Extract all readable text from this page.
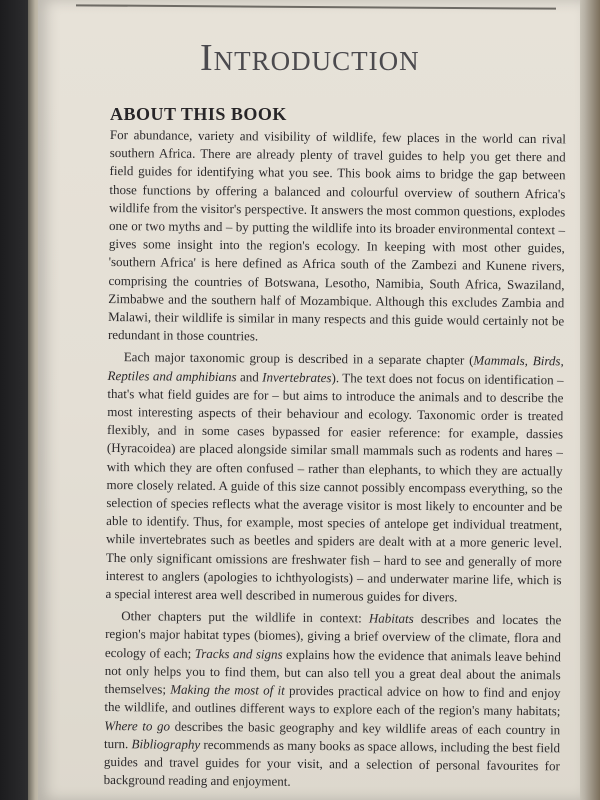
Introduction
ABOUT THIS BOOK

For abundance, variety and visibility of wildlife, few places in the world can rival southern Africa. There are already plenty of travel guides to help you get there and field guides for identifying what you see. This book aims to bridge the gap between those functions by offering a balanced and colourful overview of southern Africa's wildlife from the visitor's perspective. It answers the most common questions, explodes one or two myths and – by putting the wildlife into its broader environmental context – gives some insight into the region's ecology. In keeping with most other guides, 'southern Africa' is here defined as Africa south of the Zambezi and Kunene rivers, comprising the countries of Botswana, Lesotho, Namibia, South Africa, Swaziland, Zimbabwe and the southern half of Mozambique. Although this excludes Zambia and Malawi, their wildlife is similar in many respects and this guide would certainly not be redundant in those countries.

Each major taxonomic group is described in a separate chapter (Mammals, Birds, Reptiles and amphibians and Invertebrates). The text does not focus on identification – that's what field guides are for – but aims to introduce the animals and to describe the most interesting aspects of their behaviour and ecology. Taxonomic order is treated flexibly, and in some cases bypassed for easier reference: for example, dassies (Hyracoidea) are placed alongside similar small mammals such as rodents and hares – with which they are often confused – rather than elephants, to which they are actually more closely related. A guide of this size cannot possibly encompass everything, so the selection of species reflects what the average visitor is most likely to encounter and be able to identify. Thus, for example, most species of antelope get individual treatment, while invertebrates such as beetles and spiders are dealt with at a more generic level. The only significant omissions are freshwater fish – hard to see and generally of more interest to anglers (apologies to ichthyologists) – and underwater marine life, which is a special interest area well described in numerous guides for divers.

Other chapters put the wildlife in context: Habitats describes and locates the region's major habitat types (biomes), giving a brief overview of the climate, flora and ecology of each; Tracks and signs explains how the evidence that animals leave behind not only helps you to find them, but can also tell you a great deal about the animals themselves; Making the most of it provides practical advice on how to find and enjoy the wildlife, and outlines different ways to explore each of the region's many habitats; Where to go describes the basic geography and key wildlife areas of each country in turn. Bibliography recommends as many books as space allows, including the best field guides and travel guides for your visit, and a selection of personal favourites for background reading and enjoyment.
